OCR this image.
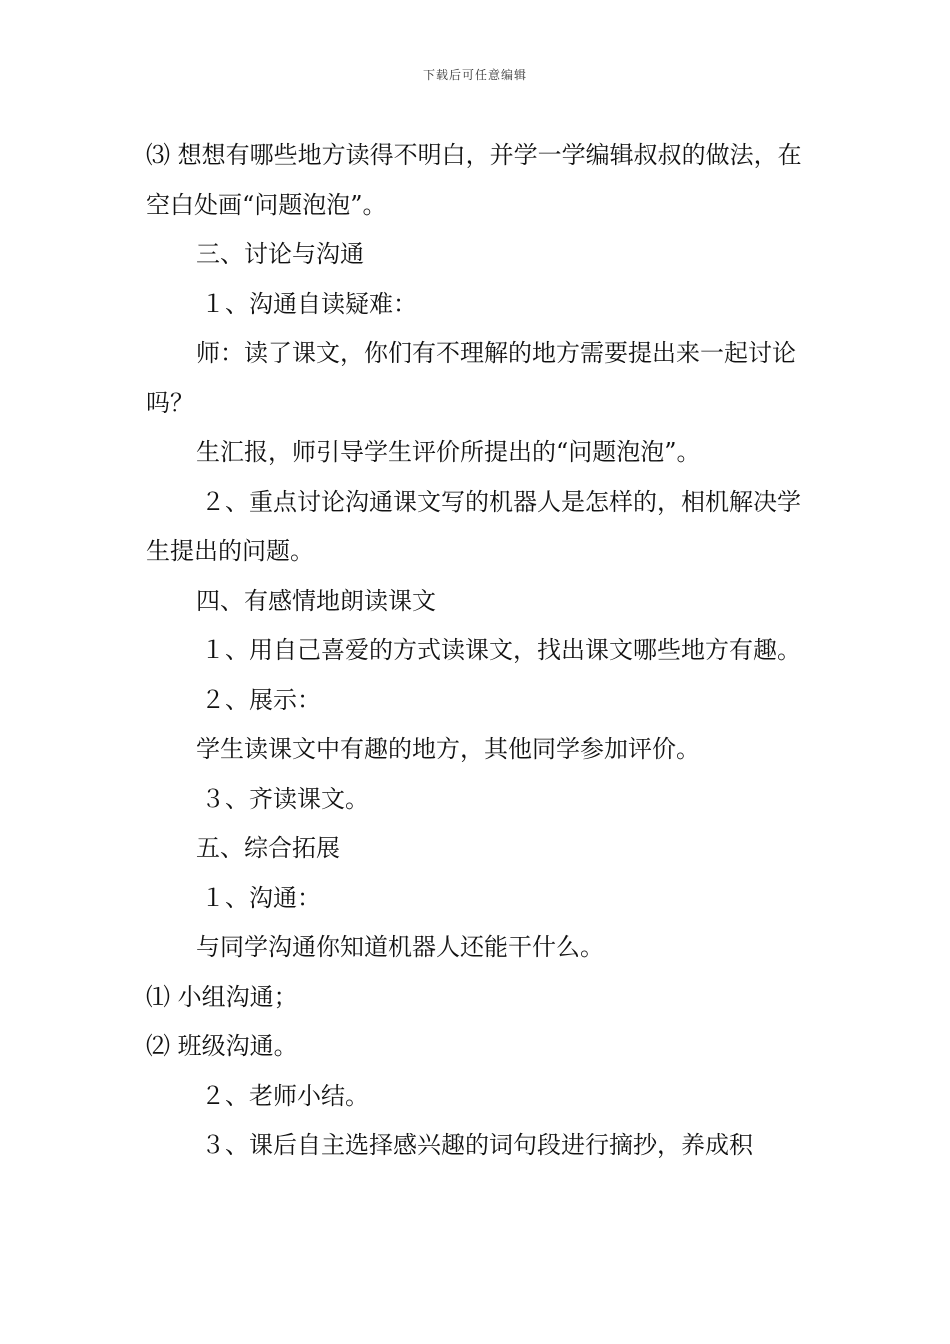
下载后可任意编辑

⑶ 想想有哪些地方读得不明白，并学一学编辑叔叔的做法，在空白处画“问题泡泡”。

三、讨论与沟通

１、沟通自读疑难：

师：读了课文，你们有不理解的地方需要提出来一起讨论吗？

生汇报，师引导学生评价所提出的“问题泡泡”。

２、重点讨论沟通课文写的机器人是怎样的，相机解决学生提出的问题。

四、有感情地朗读课文

１、用自己喜爱的方式读课文，找出课文哪些地方有趣。

２、展示：

学生读课文中有趣的地方，其他同学参加评价。

３、齐读课文。

五、综合拓展

１、沟通：

与同学沟通你知道机器人还能干什么。

⑴ 小组沟通；

⑵ 班级沟通。

２、老师小结。

３、课后自主选择感兴趣的词句段进行摘抄，养成积
